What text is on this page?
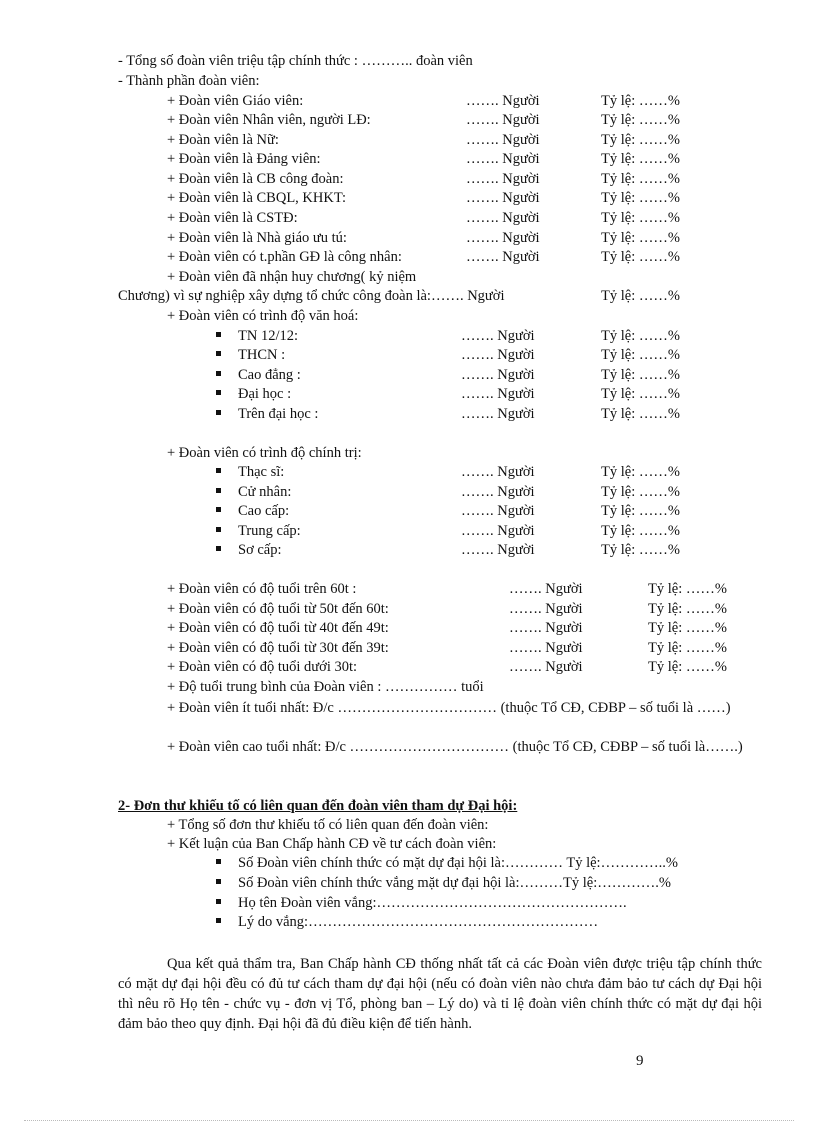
- Tổng số đoàn viên triệu tập chính thức : ……….. đoàn viên
- Thành phần đoàn viên:
+ Đoàn viên Giáo viên:	……. Người	Tỷ lệ: ……%
+ Đoàn viên Nhân viên, người LĐ:	……. Người	Tỷ lệ: ……%
+ Đoàn viên là Nữ:	……. Người	Tỷ lệ: ……%
+ Đoàn viên là Đảng viên:	……. Người	Tỷ lệ: ……%
+ Đoàn viên là CB công đoàn:	……. Người	Tỷ lệ: ……%
+ Đoàn viên là CBQL, KHKT:	……. Người	Tỷ lệ: ……%
+ Đoàn viên là CSTĐ:	……. Người	Tỷ lệ: ……%
+ Đoàn viên là Nhà giáo ưu tú:	……. Người	Tỷ lệ: ……%
+ Đoàn viên có t.phần GĐ là công nhân:	……. Người	Tỷ lệ: ……%
+ Đoàn viên đã nhận huy chương( kỷ niệm
Chương) vì sự nghiệp xây dựng tổ chức công đoàn là:……. Người	Tỷ lệ: ……%
+ Đoàn viên có trình độ văn hoá:
TN 12/12:	……. Người	Tỷ lệ: ……%
THCN :	……. Người	Tỷ lệ: ……%
Cao đẳng :	……. Người	Tỷ lệ: ……%
Đại học :	……. Người	Tỷ lệ: ……%
Trên đại học :	……. Người	Tỷ lệ: ……%
+ Đoàn viên có trình độ chính trị:
Thạc sĩ:	……. Người	Tỷ lệ: ……%
Cử nhân:	……. Người	Tỷ lệ: ……%
Cao cấp:	……. Người	Tỷ lệ: ……%
Trung cấp:	……. Người	Tỷ lệ: ……%
Sơ cấp:	……. Người	Tỷ lệ: ……%
+ Đoàn viên có độ tuổi trên 60t :	……. Người	Tỷ lệ: ……%
+ Đoàn viên có độ tuổi từ 50t đến 60t:	……. Người	Tỷ lệ: ……%
+ Đoàn viên có độ tuổi từ 40t đến 49t:	……. Người	Tỷ lệ: ……%
+ Đoàn viên có độ tuổi từ 30t đến 39t:	……. Người	Tỷ lệ: ……%
+ Đoàn viên có độ tuổi dưới 30t:	……. Người	Tỷ lệ: ……%
+ Độ tuổi trung bình của Đoàn viên : …………… tuổi
+ Đoàn viên ít tuổi nhất: Đ/c …………………………… (thuộc Tổ CĐ, CĐBP – số tuổi là ……)
+ Đoàn viên cao tuổi nhất: Đ/c …………………………… (thuộc Tổ CĐ, CĐBP – số tuổi là…….)
2- Đơn thư khiếu tố có liên quan đến đoàn viên tham dự Đại hội:
+ Tổng số đơn thư khiếu tố có liên quan đến đoàn viên:
+ Kết luận của Ban Chấp hành CĐ về tư cách đoàn viên:
Số Đoàn viên chính thức có mặt dự đại hội là:………… Tỷ lệ:…………..%
Số Đoàn viên chính thức vắng mặt dự đại hội là:………Tỷ lệ:………….%
Họ tên Đoàn viên vắng:…………………………………………….
Lý do vắng:……………………………………………………
Qua kết quả thẩm tra, Ban Chấp hành CĐ thống nhất tất cả các Đoàn viên được triệu tập chính thức có mặt dự đại hội đều có đủ tư cách tham dự đại hội (nếu có đoàn viên nào chưa đảm bảo tư cách dự Đại hội thì nêu rõ Họ tên - chức vụ - đơn vị Tổ, phòng ban – Lý do) và tỉ lệ đoàn viên chính thức có mặt dự đại hội đảm bảo theo quy định. Đại hội đã đủ điều kiện để tiến hành.
9
